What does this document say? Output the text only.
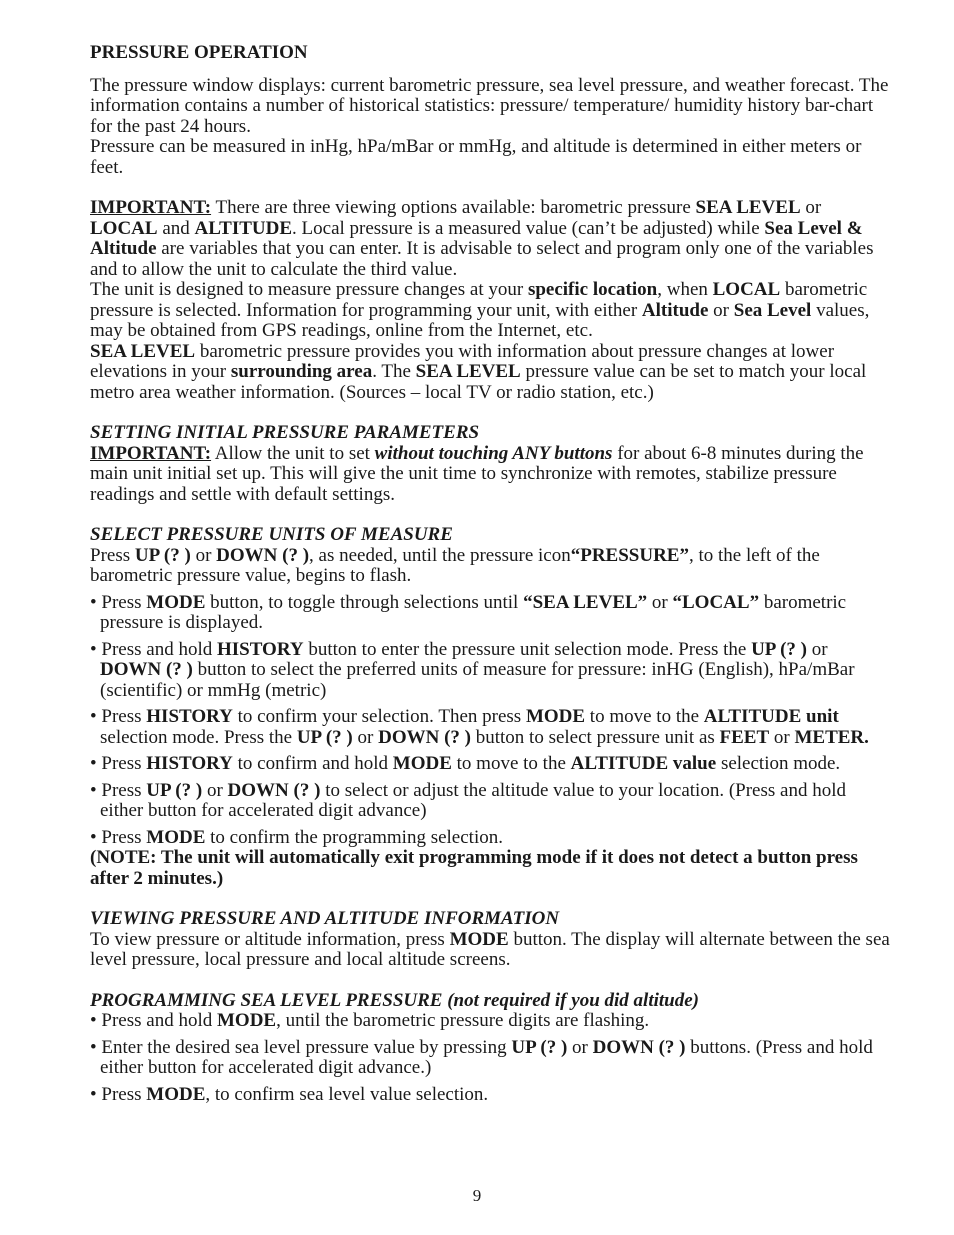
PRESSURE OPERATION

The pressure window displays: current barometric pressure, sea level pressure, and weather forecast. The information contains a number of historical statistics: pressure/ temperature/ humidity history bar-chart for the past 24 hours.

Pressure can be measured in inHg, hPa/mBar or mmHg, and altitude is determined in either meters or feet.

IMPORTANT: There are three viewing options available: barometric pressure SEA LEVEL or LOCAL and ALTITUDE. Local pressure is a measured value (can’t be adjusted) while Sea Level & Altitude are variables that you can enter. It is advisable to select and program only one of the variables and to allow the unit to calculate the third value.

The unit is designed to measure pressure changes at your specific location, when LOCAL barometric pressure is selected. Information for programming your unit, with either Altitude or Sea Level values, may be obtained from GPS readings, online from the Internet, etc.

SEA LEVEL barometric pressure provides you with information about pressure changes at lower elevations in your surrounding area. The SEA LEVEL pressure value can be set to match your local metro area weather information. (Sources – local TV or radio station, etc.)

SETTING INITIAL PRESSURE PARAMETERS

IMPORTANT: Allow the unit to set without touching ANY buttons for about 6-8 minutes during the main unit initial set up. This will give the unit time to synchronize with remotes, stabilize pressure readings and settle with default settings.

SELECT PRESSURE UNITS OF MEASURE

Press UP (? ) or DOWN (? ), as needed, until the pressure icon“PRESSURE”, to the left of the barometric pressure value, begins to flash.

• Press MODE button, to toggle through selections until “SEA LEVEL” or “LOCAL” barometric pressure is displayed.

• Press and hold HISTORY button to enter the pressure unit selection mode. Press the UP (? ) or DOWN (? ) button to select the preferred units of measure for pressure: inHG (English), hPa/mBar (scientific) or mmHg (metric)

• Press HISTORY to confirm your selection. Then press MODE to move to the ALTITUDE unit selection mode. Press the UP (? ) or DOWN (? ) button to select pressure unit as FEET or METER.

• Press HISTORY to confirm and hold MODE to move to the ALTITUDE value selection mode.

• Press UP (? ) or DOWN (? ) to select or adjust the altitude value to your location. (Press and hold either button for accelerated digit advance)

• Press MODE to confirm the programming selection.

(NOTE: The unit will automatically exit programming mode if it does not detect a button press after 2 minutes.)

VIEWING PRESSURE AND ALTITUDE INFORMATION

To view pressure or altitude information, press MODE button. The display will alternate between the sea level pressure, local pressure and local altitude screens.

PROGRAMMING SEA LEVEL PRESSURE (not required if you did altitude)

• Press and hold MODE, until the barometric pressure digits are flashing.

• Enter the desired sea level pressure value by pressing UP (? ) or DOWN (? ) buttons. (Press and hold either button for accelerated digit advance.)

• Press MODE, to confirm sea level value selection.

9
